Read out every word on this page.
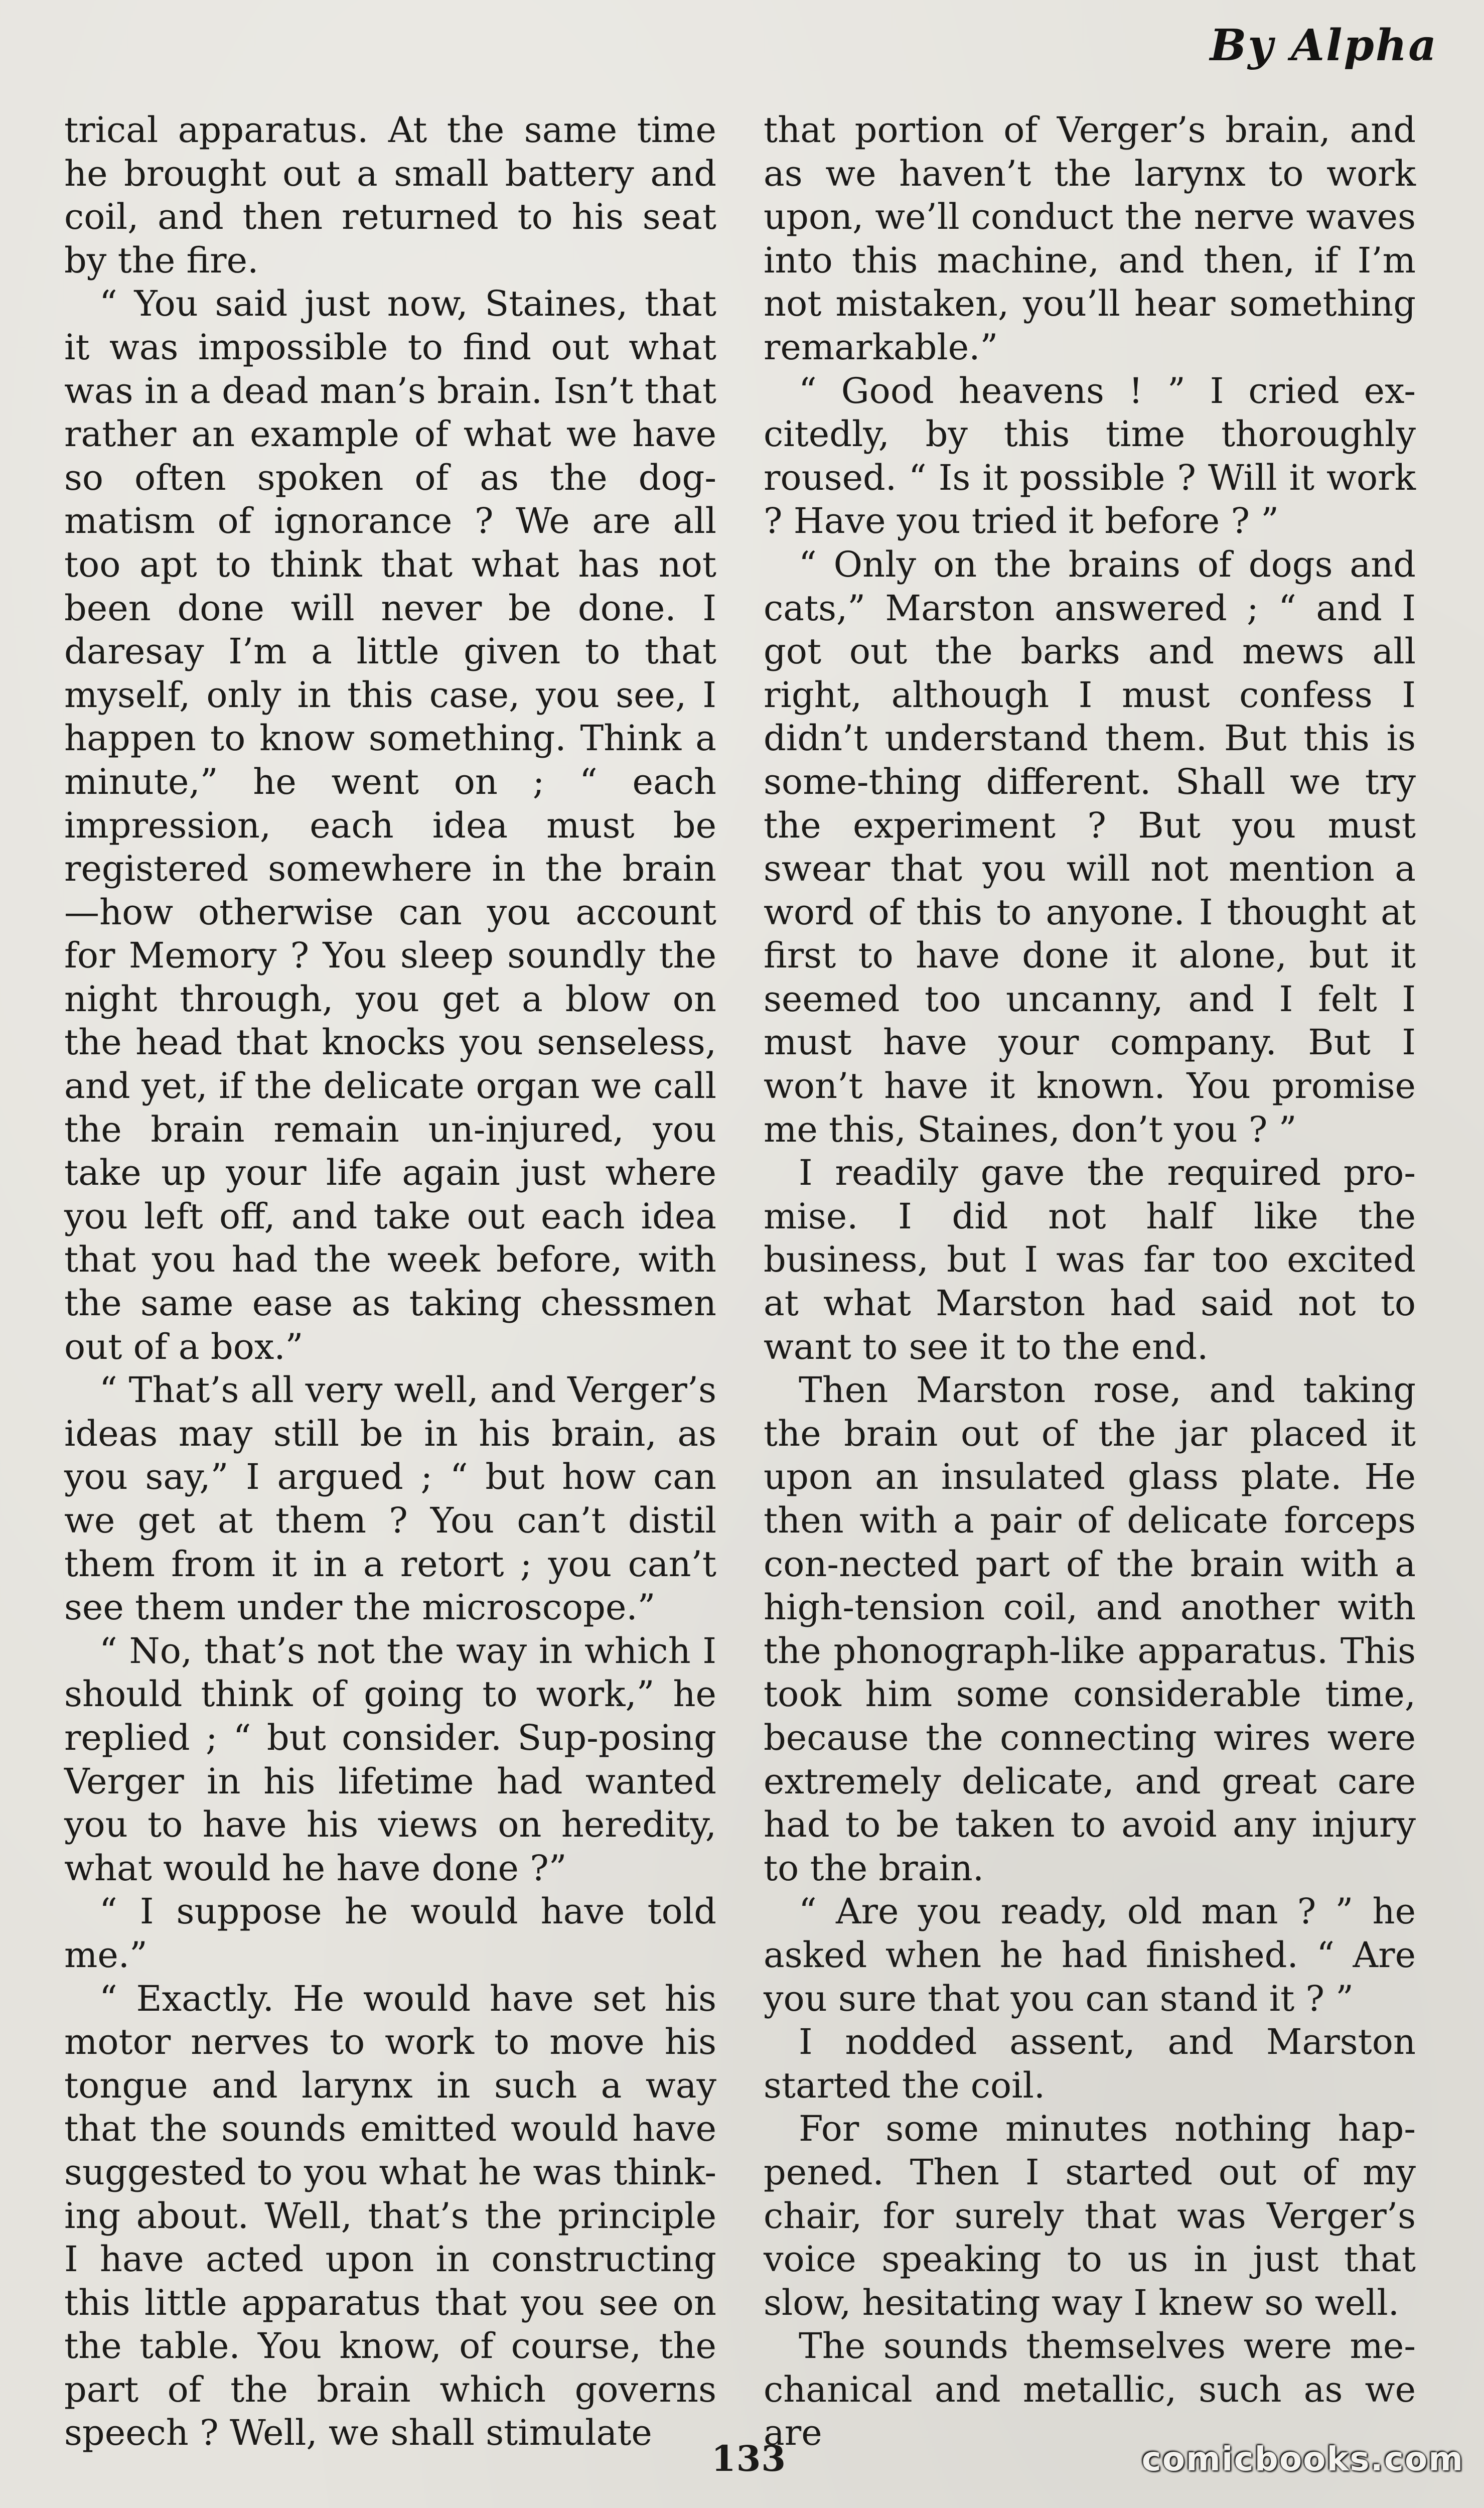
By Alpha

trical apparatus. At the same time he brought out a small battery and coil, and then returned to his seat by the fire.

“ You said just now, Staines, that it was impossible to find out what was in a dead man’s brain. Isn’t that rather an example of what we have so often spoken of as the dog-matism of ignorance ? We are all too apt to think that what has not been done will never be done. I daresay I’m a little given to that myself, only in this case, you see, I happen to know something. Think a minute,” he went on ; “ each impression, each idea must be registered somewhere in the brain—how otherwise can you account for Memory ? You sleep soundly the night through, you get a blow on the head that knocks you senseless, and yet, if the delicate organ we call the brain remain un-injured, you take up your life again just where you left off, and take out each idea that you had the week before, with the same ease as taking chessmen out of a box.”

“ That’s all very well, and Verger’s ideas may still be in his brain, as you say,” I argued ; “ but how can we get at them ? You can’t distil them from it in a retort ; you can’t see them under the microscope.”

“ No, that’s not the way in which I should think of going to work,” he replied ; “ but consider. Sup-posing Verger in his lifetime had wanted you to have his views on heredity, what would he have done ?”

“ I suppose he would have told me.”

“ Exactly. He would have set his motor nerves to work to move his tongue and larynx in such a way that the sounds emitted would have suggested to you what he was think-ing about. Well, that’s the principle I have acted upon in constructing this little apparatus that you see on the table. You know, of course, the part of the brain which governs speech ? Well, we shall stimulate

that portion of Verger’s brain, and as we haven’t the larynx to work upon, we’ll conduct the nerve waves into this machine, and then, if I’m not mistaken, you’ll hear something remarkable.”

“ Good heavens ! ” I cried ex-citedly, by this time thoroughly roused. “ Is it possible ? Will it work ? Have you tried it before ? ”

“ Only on the brains of dogs and cats,” Marston answered ; “ and I got out the barks and mews all right, although I must confess I didn’t understand them. But this is some-thing different. Shall we try the experiment ? But you must swear that you will not mention a word of this to anyone. I thought at first to have done it alone, but it seemed too uncanny, and I felt I must have your company. But I won’t have it known. You promise me this, Staines, don’t you ? ”

I readily gave the required pro-mise. I did not half like the business, but I was far too excited at what Marston had said not to want to see it to the end.

Then Marston rose, and taking the brain out of the jar placed it upon an insulated glass plate. He then with a pair of delicate forceps con-nected part of the brain with a high-tension coil, and another with the phonograph-like apparatus. This took him some considerable time, because the connecting wires were extremely delicate, and great care had to be taken to avoid any injury to the brain.

“ Are you ready, old man ? ” he asked when he had finished. “ Are you sure that you can stand it ? ”

I nodded assent, and Marston started the coil.

For some minutes nothing hap-pened. Then I started out of my chair, for surely that was Verger’s voice speaking to us in just that slow, hesitating way I knew so well.

The sounds themselves were me-chanical and metallic, such as we are

133	comicbooks.com
